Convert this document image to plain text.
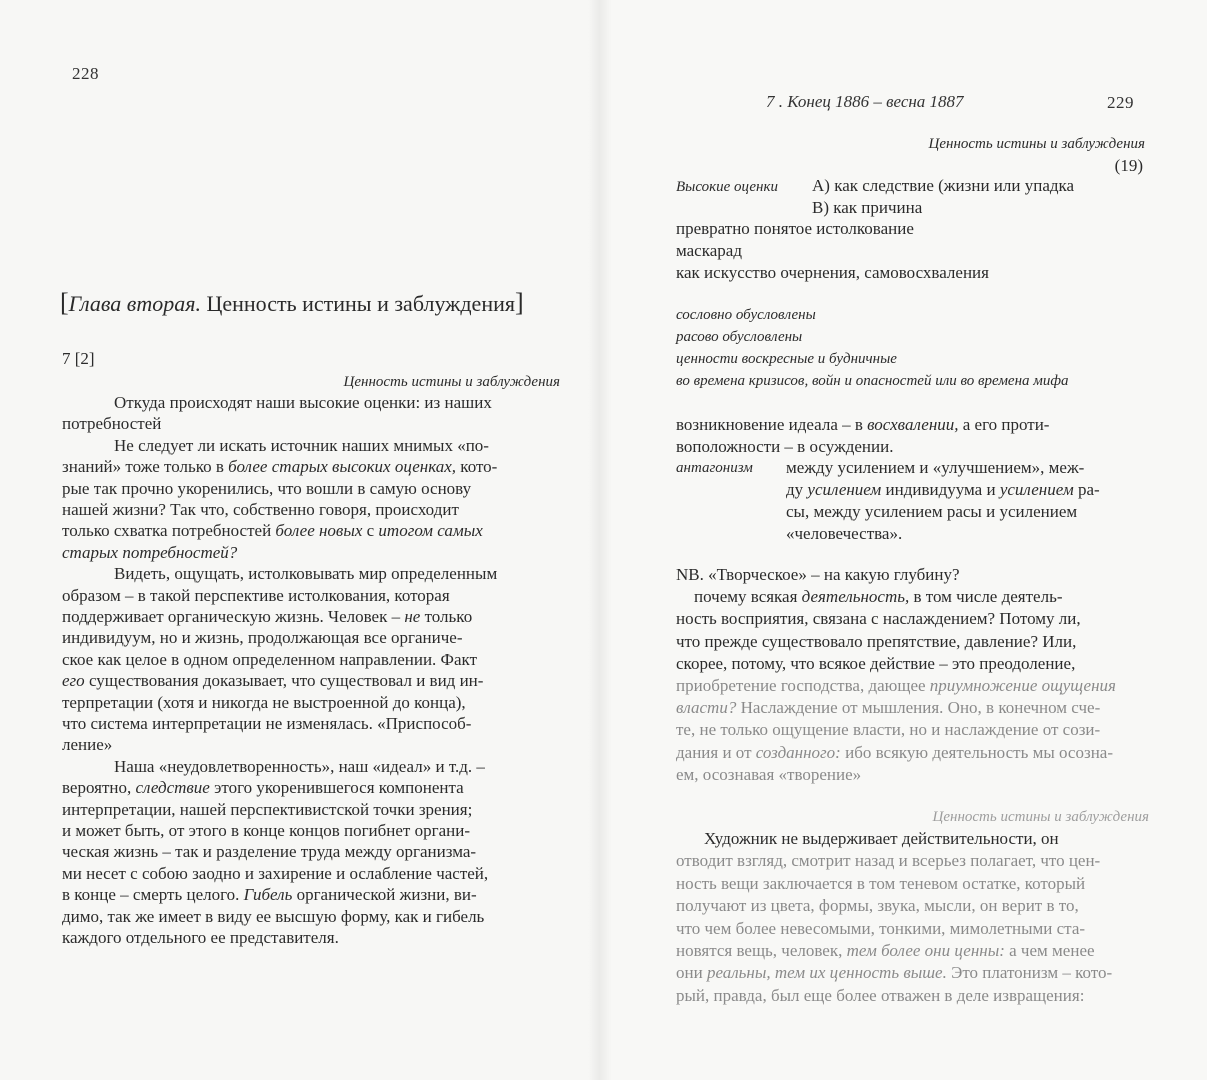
228
[Глава вторая. Ценность истины и заблуждения]
7 [2]
Ценность истины и заблуждения
Откуда происходят наши высокие оценки: из наших
потребностей
Не следует ли искать источник наших мнимых «по-
знаний» тоже только в более старых высоких оценках, кото-
рые так прочно укоренились, что вошли в самую основу
нашей жизни? Так что, собственно говоря, происходит
только схватка потребностей более новых с итогом самых
старых потребностей?
Видеть, ощущать, истолковывать мир определенным
образом – в такой перспективе истолкования, которая
поддерживает органическую жизнь. Человек – не только
индивидуум, но и жизнь, продолжающая все органиче-
ское как целое в одном определенном направлении. Факт
его существования доказывает, что существовал и вид ин-
терпретации (хотя и никогда не выстроенной до конца),
что система интерпретации не изменялась. «Приспособ-
ление»
Наша «неудовлетворенность», наш «идеал» и т.д. –
вероятно, следствие этого укоренившегося компонента
интерпретации, нашей перспективистской точки зрения;
и может быть, от этого в конце концов погибнет органи-
ческая жизнь – так и разделение труда между организма-
ми несет с собою заодно и захирение и ослабление частей,
в конце – смерть целого. Гибель органической жизни, ви-
димо, так же имеет в виду ее высшую форму, как и гибель
каждого отдельного ее представителя.
7 . Конец 1886 – весна 1887	229
Ценность истины и заблуждения
(19)
Высокие оценки А) как следствие (жизни или упадка
В) как причина
превратно понятое истолкование
маскарад
как искусство очернения, самовосхваления
сословно обусловлены
расово обусловлены
ценности воскресные и будничные
во времена кризисов, войн и опасностей или во времена мифа
возникновение идеала – в восхвалении, а его проти-
воположности – в осуждении.
антагонизм между усилением и «улучшением», меж-
ду усилением индивидуума и усилением ра-
сы, между усилением расы и усилением
«человечества».
NB. «Творческое» – на какую глубину?
почему всякая деятельность, в том числе деятель-
ность восприятия, связана с наслаждением? Потому ли,
что прежде существовало препятствие, давление? Или,
скорее, потому, что всякое действие – это преодоление,
приобретение господства, дающее приумножение ощущения
власти? Наслаждение от мышления. Оно, в конечном сче-
те, не только ощущение власти, но и наслаждение от сози-
дания и от созданного: ибо всякую деятельность мы осозна-
ем, осознавая «творение»
Ценность истины и заблуждения
Художник не выдерживает действительности, он
отводит взгляд, смотрит назад и всерьез полагает, что цен-
ность вещи заключается в том теневом остатке, который
получают из цвета, формы, звука, мысли, он верит в то,
что чем более невесомыми, тонкими, мимолетными ста-
новятся вещь, человек, тем более они ценны: а чем менее
они реальны, тем их ценность выше. Это платонизм – кото-
рый, правда, был еще более отважен в деле извращения:
